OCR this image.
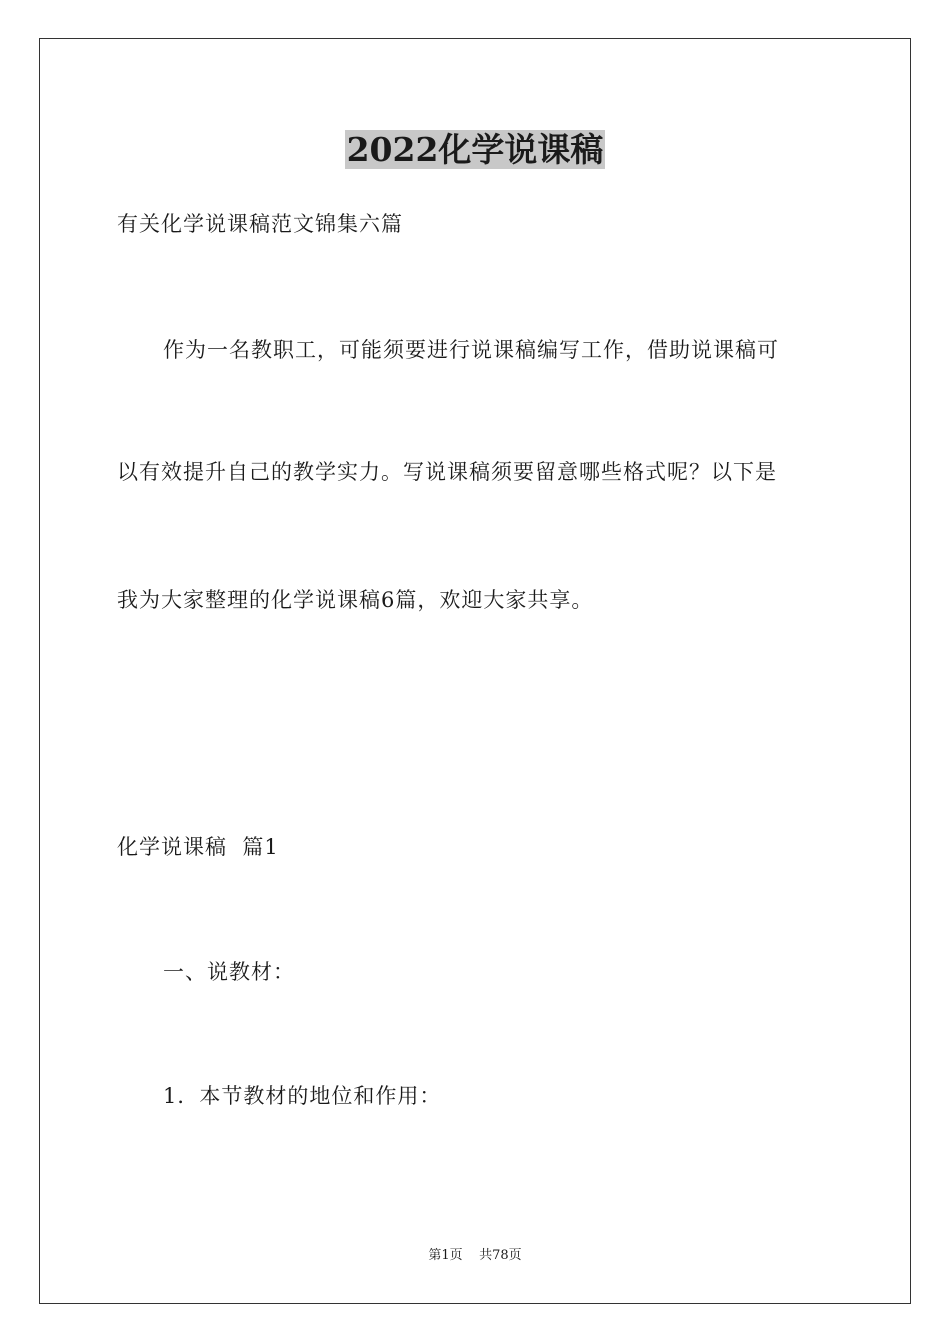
2022化学说课稿
有关化学说课稿范文锦集六篇
作为一名教职工，可能须要进行说课稿编写工作，借助说课稿可
以有效提升自己的教学实力。写说课稿须要留意哪些格式呢？以下是
我为大家整理的化学说课稿6篇，欢迎大家共享。
化学说课稿  篇1
一、说教材：
1．本节教材的地位和作用：
第1页    共78页
